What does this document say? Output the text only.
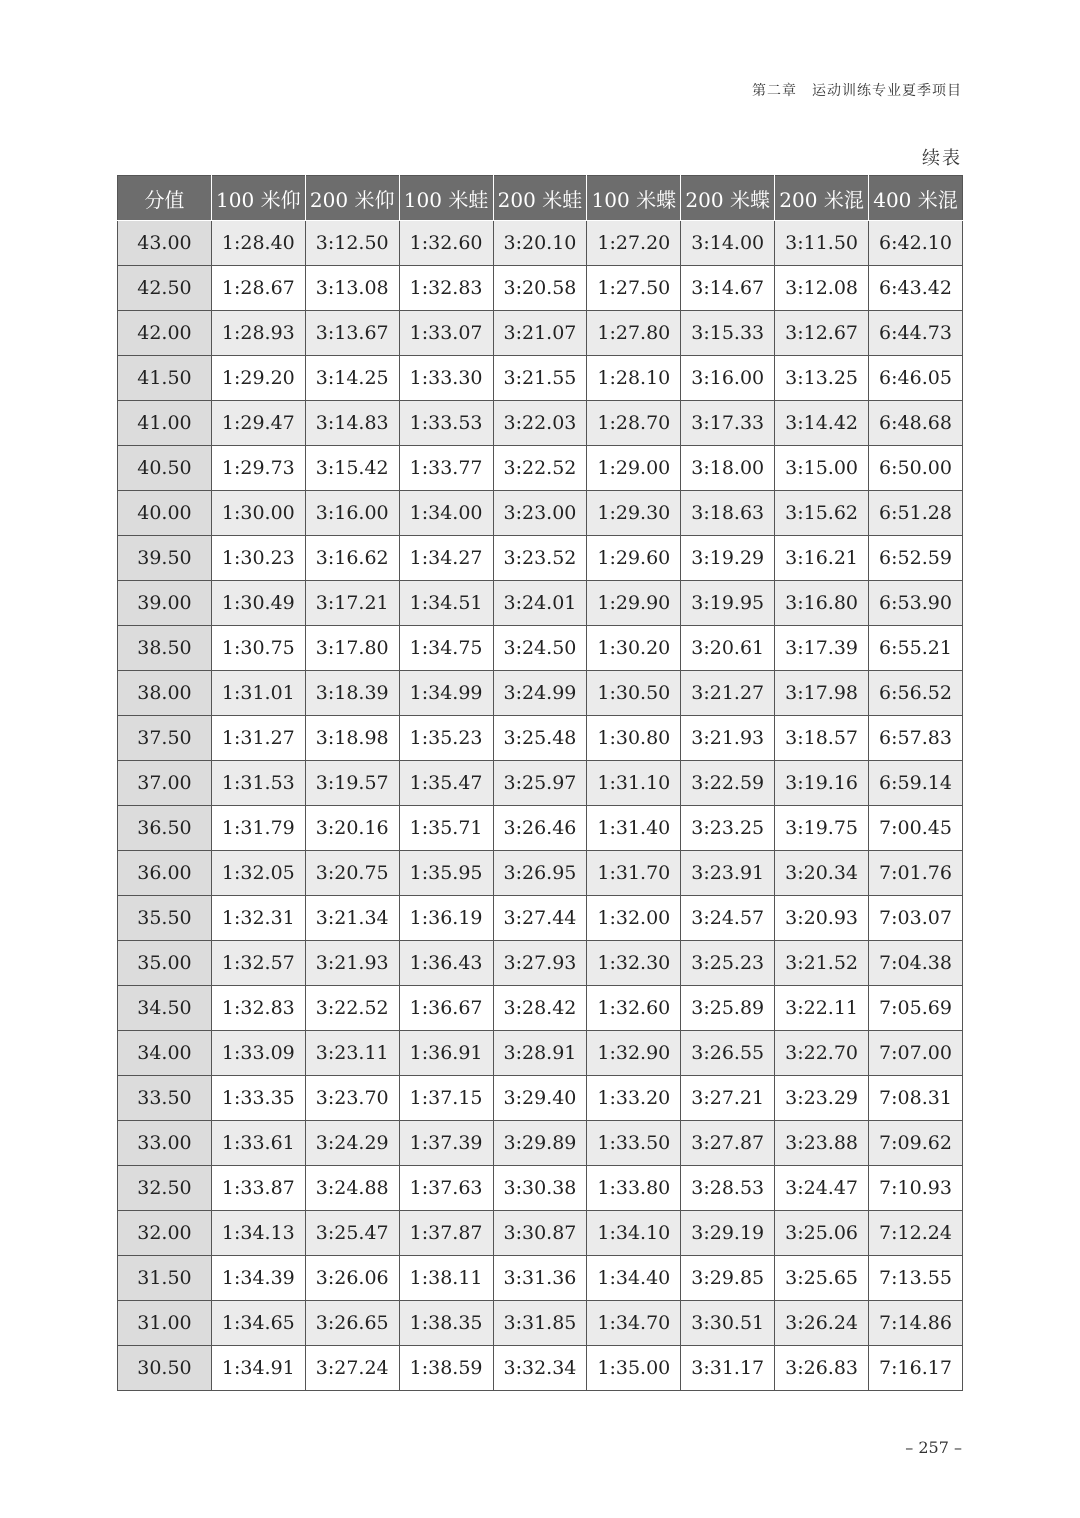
第二章　运动训练专业夏季项目
续表
分值	100 米仰	200 米仰	100 米蛙	200 米蛙	100 米蝶	200 米蝶	200 米混	400 米混
43.00	1:28.40	3:12.50	1:32.60	3:20.10	1:27.20	3:14.00	3:11.50	6:42.10
42.50	1:28.67	3:13.08	1:32.83	3:20.58	1:27.50	3:14.67	3:12.08	6:43.42
42.00	1:28.93	3:13.67	1:33.07	3:21.07	1:27.80	3:15.33	3:12.67	6:44.73
41.50	1:29.20	3:14.25	1:33.30	3:21.55	1:28.10	3:16.00	3:13.25	6:46.05
41.00	1:29.47	3:14.83	1:33.53	3:22.03	1:28.70	3:17.33	3:14.42	6:48.68
40.50	1:29.73	3:15.42	1:33.77	3:22.52	1:29.00	3:18.00	3:15.00	6:50.00
40.00	1:30.00	3:16.00	1:34.00	3:23.00	1:29.30	3:18.63	3:15.62	6:51.28
39.50	1:30.23	3:16.62	1:34.27	3:23.52	1:29.60	3:19.29	3:16.21	6:52.59
39.00	1:30.49	3:17.21	1:34.51	3:24.01	1:29.90	3:19.95	3:16.80	6:53.90
38.50	1:30.75	3:17.80	1:34.75	3:24.50	1:30.20	3:20.61	3:17.39	6:55.21
38.00	1:31.01	3:18.39	1:34.99	3:24.99	1:30.50	3:21.27	3:17.98	6:56.52
37.50	1:31.27	3:18.98	1:35.23	3:25.48	1:30.80	3:21.93	3:18.57	6:57.83
37.00	1:31.53	3:19.57	1:35.47	3:25.97	1:31.10	3:22.59	3:19.16	6:59.14
36.50	1:31.79	3:20.16	1:35.71	3:26.46	1:31.40	3:23.25	3:19.75	7:00.45
36.00	1:32.05	3:20.75	1:35.95	3:26.95	1:31.70	3:23.91	3:20.34	7:01.76
35.50	1:32.31	3:21.34	1:36.19	3:27.44	1:32.00	3:24.57	3:20.93	7:03.07
35.00	1:32.57	3:21.93	1:36.43	3:27.93	1:32.30	3:25.23	3:21.52	7:04.38
34.50	1:32.83	3:22.52	1:36.67	3:28.42	1:32.60	3:25.89	3:22.11	7:05.69
34.00	1:33.09	3:23.11	1:36.91	3:28.91	1:32.90	3:26.55	3:22.70	7:07.00
33.50	1:33.35	3:23.70	1:37.15	3:29.40	1:33.20	3:27.21	3:23.29	7:08.31
33.00	1:33.61	3:24.29	1:37.39	3:29.89	1:33.50	3:27.87	3:23.88	7:09.62
32.50	1:33.87	3:24.88	1:37.63	3:30.38	1:33.80	3:28.53	3:24.47	7:10.93
32.00	1:34.13	3:25.47	1:37.87	3:30.87	1:34.10	3:29.19	3:25.06	7:12.24
31.50	1:34.39	3:26.06	1:38.11	3:31.36	1:34.40	3:29.85	3:25.65	7:13.55
31.00	1:34.65	3:26.65	1:38.35	3:31.85	1:34.70	3:30.51	3:26.24	7:14.86
30.50	1:34.91	3:27.24	1:38.59	3:32.34	1:35.00	3:31.17	3:26.83	7:16.17
– 257 –
